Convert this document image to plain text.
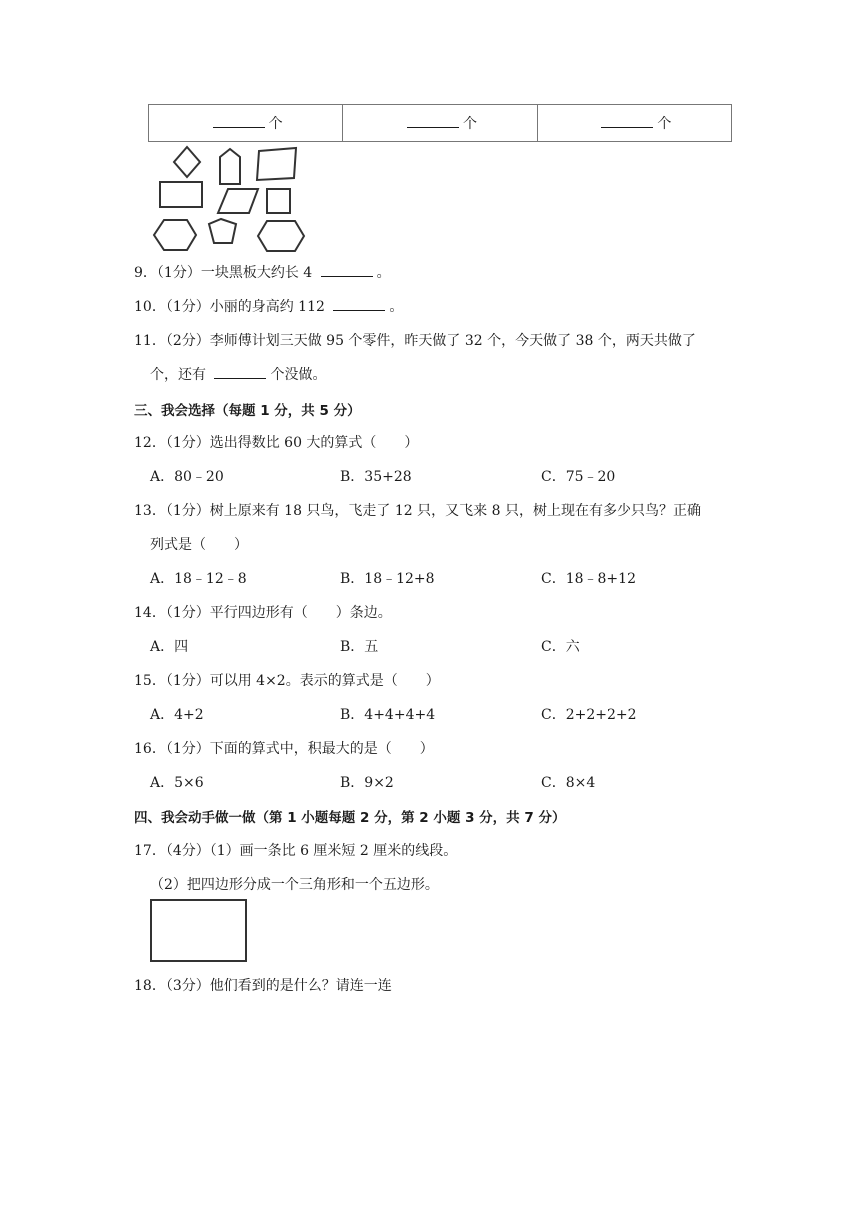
个	个	个
9．（1分）一块黑板大约长 4	。
10．（1分）小丽的身高约 112	。
11．（2分）李师傅计划三天做 95 个零件，昨天做了 32 个，今天做了 38 个，两天共做了
个，还有	个没做。
三、我会选择（每题 1 分，共 5 分）
12．（1分）选出得数比 60 大的算式（　　）
A．80﹣20	B．35+28	C．75﹣20
13．（1分）树上原来有 18 只鸟，飞走了 12 只，又飞来 8 只，树上现在有多少只鸟？正确
列式是（　　）
A．18﹣12﹣8	B．18﹣12+8	C．18﹣8+12
14．（1分）平行四边形有（　　）条边。
A．四	B．五	C．六
15．（1分）可以用 4×2。表示的算式是（　　）
A．4+2	B．4+4+4+4	C．2+2+2+2
16．（1分）下面的算式中，积最大的是（　　）
A．5×6	B．9×2	C．8×4
四、我会动手做一做（第 1 小题每题 2 分，第 2 小题 3 分，共 7 分）
17．（4分）（1）画一条比 6 厘米短 2 厘米的线段。
（2）把四边形分成一个三角形和一个五边形。
18．（3分）他们看到的是什么？请连一连
